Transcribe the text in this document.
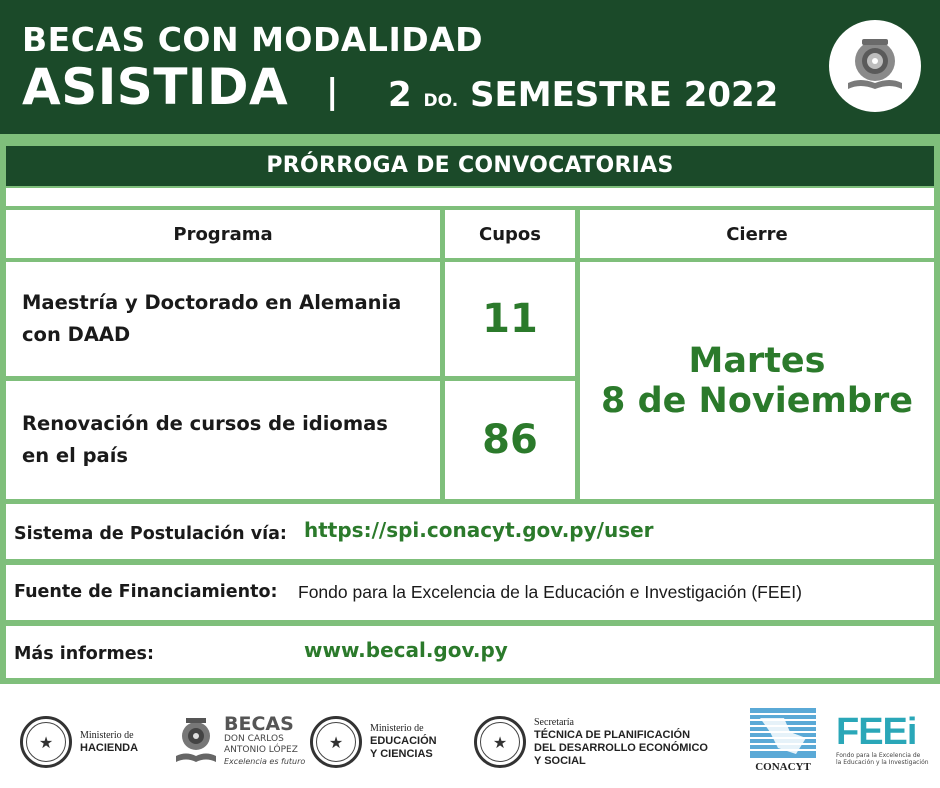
BECAS CON MODALIDAD
ASISTIDA | 2 DO. SEMESTRE 2022
PRÓRROGA DE CONVOCATORIAS
Programa	Cupos	Cierre
Maestría y Doctorado en Alemania
con DAAD	11
Renovación de cursos de idiomas
en el país	86
Martes
8 de Noviembre
Sistema de Postulación vía: https://spi.conacyt.gov.py/user
Fuente de Financiamiento: Fondo para la Excelencia de la Educación e Investigación (FEEI)
Más informes:	www.becal.gov.py
★	Ministerio de
HACIENDA
BECAS
DON CARLOS
ANTONIO LÓPEZ
Excelencia es futuro
★
Ministerio de
EDUCACIÓN
Y CIENCIAS
★
Secretaría
TÉCNICA DE PLANIFICACIÓN
DEL DESARROLLO ECONÓMICO
Y SOCIAL
CONACYT
FEEi
Fondo para la Excelencia de
la Educación y la Investigación
